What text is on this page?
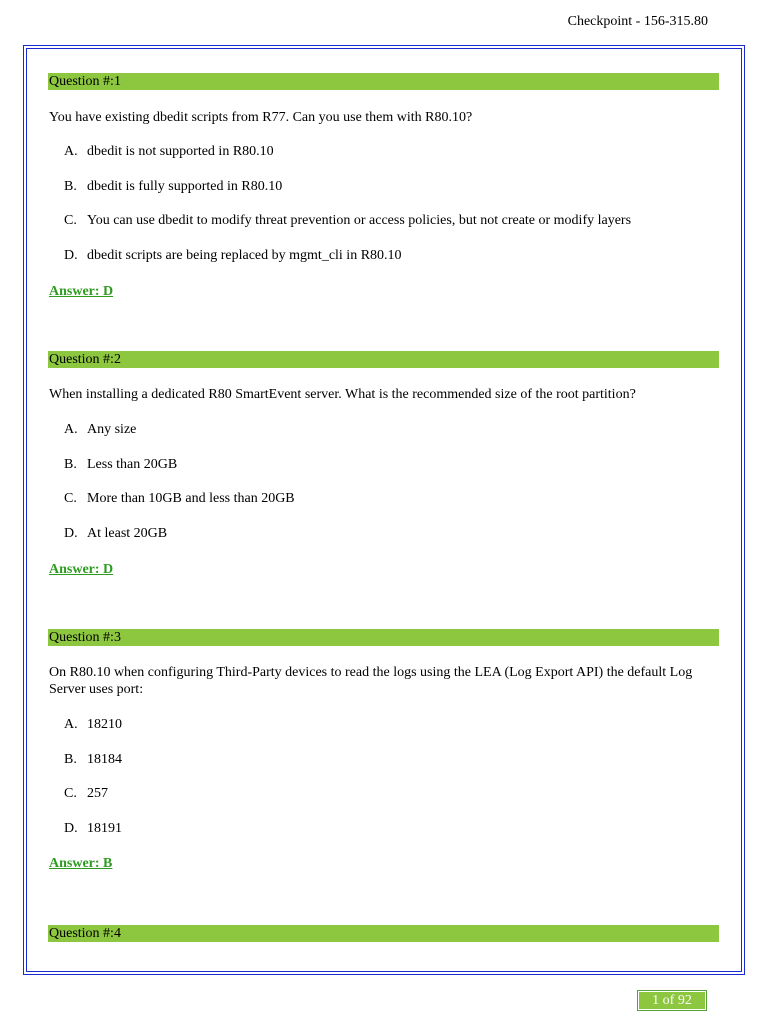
Checkpoint - 156-315.80
Question #:1
You have existing dbedit scripts from R77. Can you use them with R80.10?
A. dbedit is not supported in R80.10
B. dbedit is fully supported in R80.10
C. You can use dbedit to modify threat prevention or access policies, but not create or modify layers
D. dbedit scripts are being replaced by mgmt_cli in R80.10
Answer: D
Question #:2
When installing a dedicated R80 SmartEvent server. What is the recommended size of the root partition?
A. Any size
B. Less than 20GB
C. More than 10GB and less than 20GB
D. At least 20GB
Answer: D
Question #:3
On R80.10 when configuring Third-Party devices to read the logs using the LEA (Log Export API) the default Log Server uses port:
A. 18210
B. 18184
C. 257
D. 18191
Answer: B
Question #:4
1 of 92
